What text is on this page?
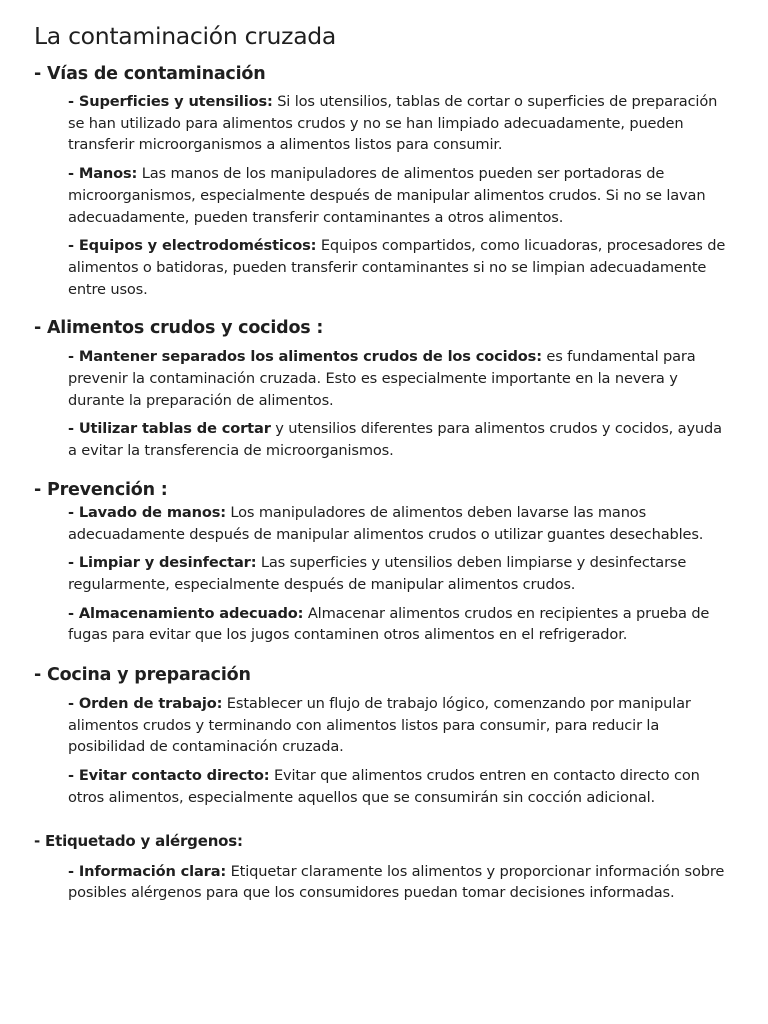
La contaminación cruzada
- Vías de contaminación
- Superficies y utensilios: Si los utensilios, tablas de cortar o superficies de preparación se han utilizado para alimentos crudos y no se han limpiado adecuadamente, pueden transferir microorganismos a alimentos listos para consumir.
- Manos: Las manos de los manipuladores de alimentos pueden ser portadoras de microorganismos, especialmente después de manipular alimentos crudos. Si no se lavan adecuadamente, pueden transferir contaminantes a otros alimentos.
- Equipos y electrodomésticos: Equipos compartidos, como licuadoras, procesadores de alimentos o batidoras, pueden transferir contaminantes si no se limpian adecuadamente entre usos.
- Alimentos crudos y cocidos :
- Mantener separados los alimentos crudos de los cocidos: es fundamental para prevenir la contaminación cruzada. Esto es especialmente importante en la nevera y durante la preparación de alimentos.
- Utilizar tablas de cortar y utensilios diferentes para alimentos crudos y cocidos, ayuda a evitar la transferencia de microorganismos.
- Prevención :
- Lavado de manos: Los manipuladores de alimentos deben lavarse las manos adecuadamente después de manipular alimentos crudos o utilizar guantes desechables.
- Limpiar y desinfectar: Las superficies y utensilios deben limpiarse y desinfectarse regularmente, especialmente después de manipular alimentos crudos.
- Almacenamiento adecuado: Almacenar alimentos crudos en recipientes a prueba de fugas para evitar que los jugos contaminen otros alimentos en el refrigerador.
- Cocina y preparación
- Orden de trabajo: Establecer un flujo de trabajo lógico, comenzando por manipular alimentos crudos y terminando con alimentos listos para consumir, para reducir la posibilidad de contaminación cruzada.
- Evitar contacto directo: Evitar que alimentos crudos entren en contacto directo con otros alimentos, especialmente aquellos que se consumirán sin cocción adicional.
- Etiquetado y alérgenos:
- Información clara: Etiquetar claramente los alimentos y proporcionar información sobre posibles alérgenos para que los consumidores puedan tomar decisiones informadas.
